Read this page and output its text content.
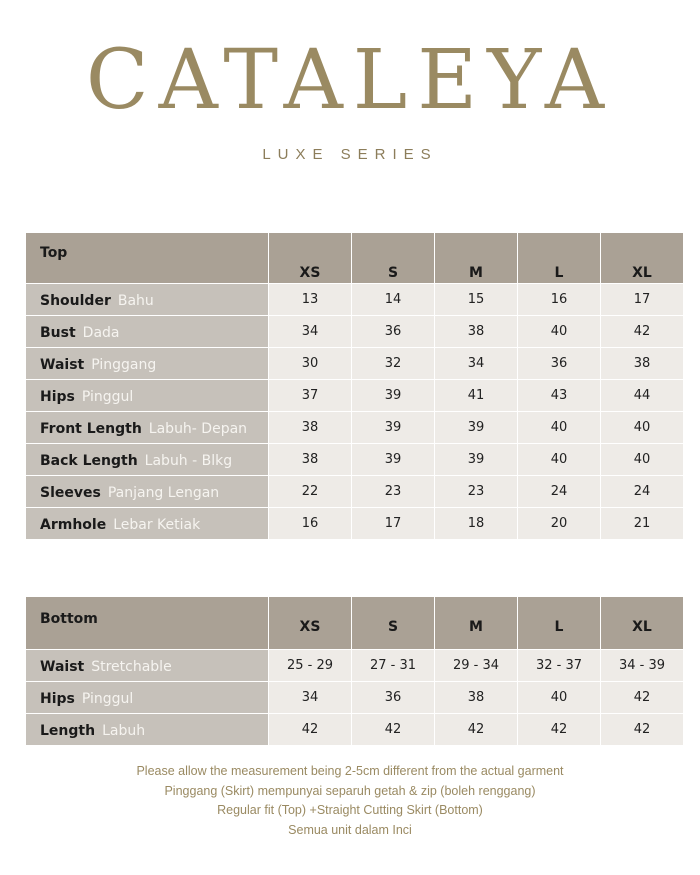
CATALEYA
LUXE SERIES
Top	XS	S	M	L	XL
Shoulder Bahu	13	14	15	16	17
Bust Dada	34	36	38	40	42
Waist Pinggang	30	32	34	36	38
Hips Pinggul	37	39	41	43	44
Front Length Labuh- Depan	38	39	39	40	40
Back Length Labuh - Blkg	38	39	39	40	40
Sleeves Panjang Lengan	22	23	23	24	24
Armhole Lebar Ketiak	16	17	18	20	21
Bottom	XS	S	M	L	XL
Waist Stretchable	25 - 29	27 - 31	29 - 34	32 - 37	34 - 39
Hips Pinggul	34	36	38	40	42
Length Labuh	42	42	42	42	42
Please allow the measurement being 2-5cm different from the actual garment
Pinggang (Skirt) mempunyai separuh getah & zip (boleh renggang)
Regular fit (Top) +Straight Cutting Skirt (Bottom)
Semua unit dalam Inci
